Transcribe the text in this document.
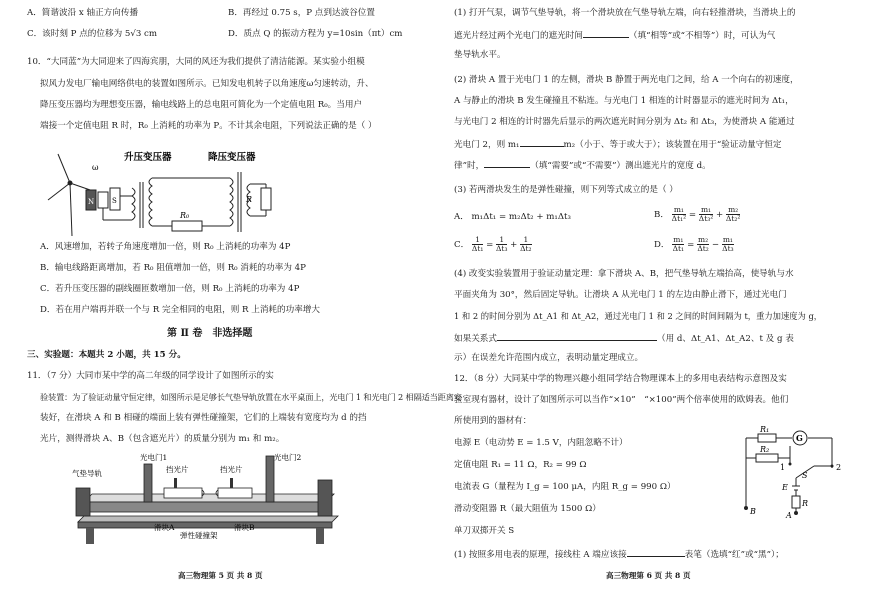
A．简谐波沿 x 轴正方向传播	B．再经过 0.75 s，P 点到达波谷位置
C．该时刻 P 点的位移为 5√3 cm	D．质点 Q 的振动方程为 y=10sin（πt）cm
10．“大同蓝”为大同迎来了四海宾朋，大同的风还为我们提供了清洁能源。某实验小组模
拟风力发电厂输电网络供电的装置如图所示。已知发电机转子以角速度ω匀速转动，升、
降压变压器均为理想变压器，输电线路上的总电阻可简化为一个定值电阻 R₀。当用户
端接一个定值电阻 R 时，R₀ 上消耗的功率为 P。不计其余电阻，下列说法正确的是（ ）
ω
N	S
升压变压器
R₀
降压变压器
R
A．风速增加，若转子角速度增加一倍，则 R₀ 上消耗的功率为 4P
B．输电线路距离增加，若 R₀ 阻值增加一倍，则 R₀ 消耗的功率为 4P
C．若升压变压器的副线圈匝数增加一倍，则 R₀ 上消耗的功率为 4P
D．若在用户端再并联一个与 R 完全相同的电阻，则 R 上消耗的功率增大
第 Ⅱ 卷　非选择题
三、实验题：本题共 2 小题，共 15 分。
11．（7 分）大同市某中学的高二年级的同学设计了如图所示的实
验装置：为了验证动量守恒定律，如图所示是足够长气垫导轨放置在水平桌面上，光电门 1 和光电门 2 相隔适当距离安
装好，在滑块 A 和 B 相碰的端面上装有弹性碰撞架，它们的上端装有宽度均为 d 的挡
光片，测得滑块 A、B（包含遮光片）的质量分别为 m₁ 和 m₂。
光电门1	光电门2
气垫导轨	挡光片	挡光片
滑块A
弹性碰撞架
滑块B
高三物理第 5 页 共 8 页
(1) 打开气泵，调节气垫导轨，将一个滑块放在气垫导轨左端，向右轻推滑块，当滑块上的
遮光片经过两个光电门的遮光时间	（填“相等”或“不相等”）时，可认为气
垫导轨水平。
(2) 滑块 A 置于光电门 1 的左侧，滑块 B 静置于两光电门之间，给 A 一个向右的初速度，
A 与静止的滑块 B 发生碰撞且不粘连。与光电门 1 相连的计时器显示的遮光时间为 Δt₁，
与光电门 2 相连的计时器先后显示的两次遮光时间分别为 Δt₂ 和 Δt₃，为使滑块 A 能通过
光电门 2，则 m₁	m₂（小于、等于或大于）；该装置在用于“验证动量守恒定
律”时，	（填“需要”或“不需要”）测出遮光片的宽度 d。
(3) 若两滑块发生的是弹性碰撞，则下列等式成立的是（ ）
A． m₁Δt₁ = m₂Δt₂ + m₁Δt₃	B． $\frac{\text{m₁}}{\text{Δt₁²}} = \frac{\text{m₁}}{\text{Δt₃²}} + \frac{\text{m₂}}{\text{Δt₂²}}$
C． $\frac{1}{\text{Δt₁}} = \frac{1}{\text{Δt₃}} + \frac{1}{\text{Δt₂}}$	D． $\frac{\text{m₁}}{\text{Δt₁}} = \frac{\text{m₂}}{\text{Δt₂}} - \frac{\text{m₁}}{\text{Δt₃}}$
(4) 改变实验装置用于验证动量定理：拿下滑块 A、B，把气垫导轨左端抬高，使导轨与水
平面夹角为 30°，然后固定导轨。让滑块 A 从光电门 1 的左边由静止滑下，通过光电门
1 和 2 的时间分别为 Δt_A1 和 Δt_A2，通过光电门 1 和 2 之间的时间间隔为 t，重力加速度为 g，
如果关系式	（用 d、Δt_A1、Δt_A2、t 及 g 表
示）在误差允许范围内成立，表明动量定理成立。
12．（8 分）大同某中学的物理兴趣小组同学结合物理课本上的多用电表结构示意图及实
验室现有器材，设计了如图所示可以当作“×10”　“×100”两个倍率使用的欧姆表。他们
所使用到的器材有：
电源 E（电动势 E = 1.5 V，内阻忽略不计）
定值电阻 R₁ = 11 Ω，R₂ = 99 Ω
电流表 G（量程为 I_g = 100 μA，内阻 R_g = 990 Ω）
滑动变阻器 R（最大阻值为 1500 Ω）
单刀双掷开关 S
(1) 按照多用电表的原理，接线柱 A 端应该接	表笔（选填“红”或“黑”）；
R₁
G
R₂
1	2
S
E
R
A
B
高三物理第 6 页 共 8 页
